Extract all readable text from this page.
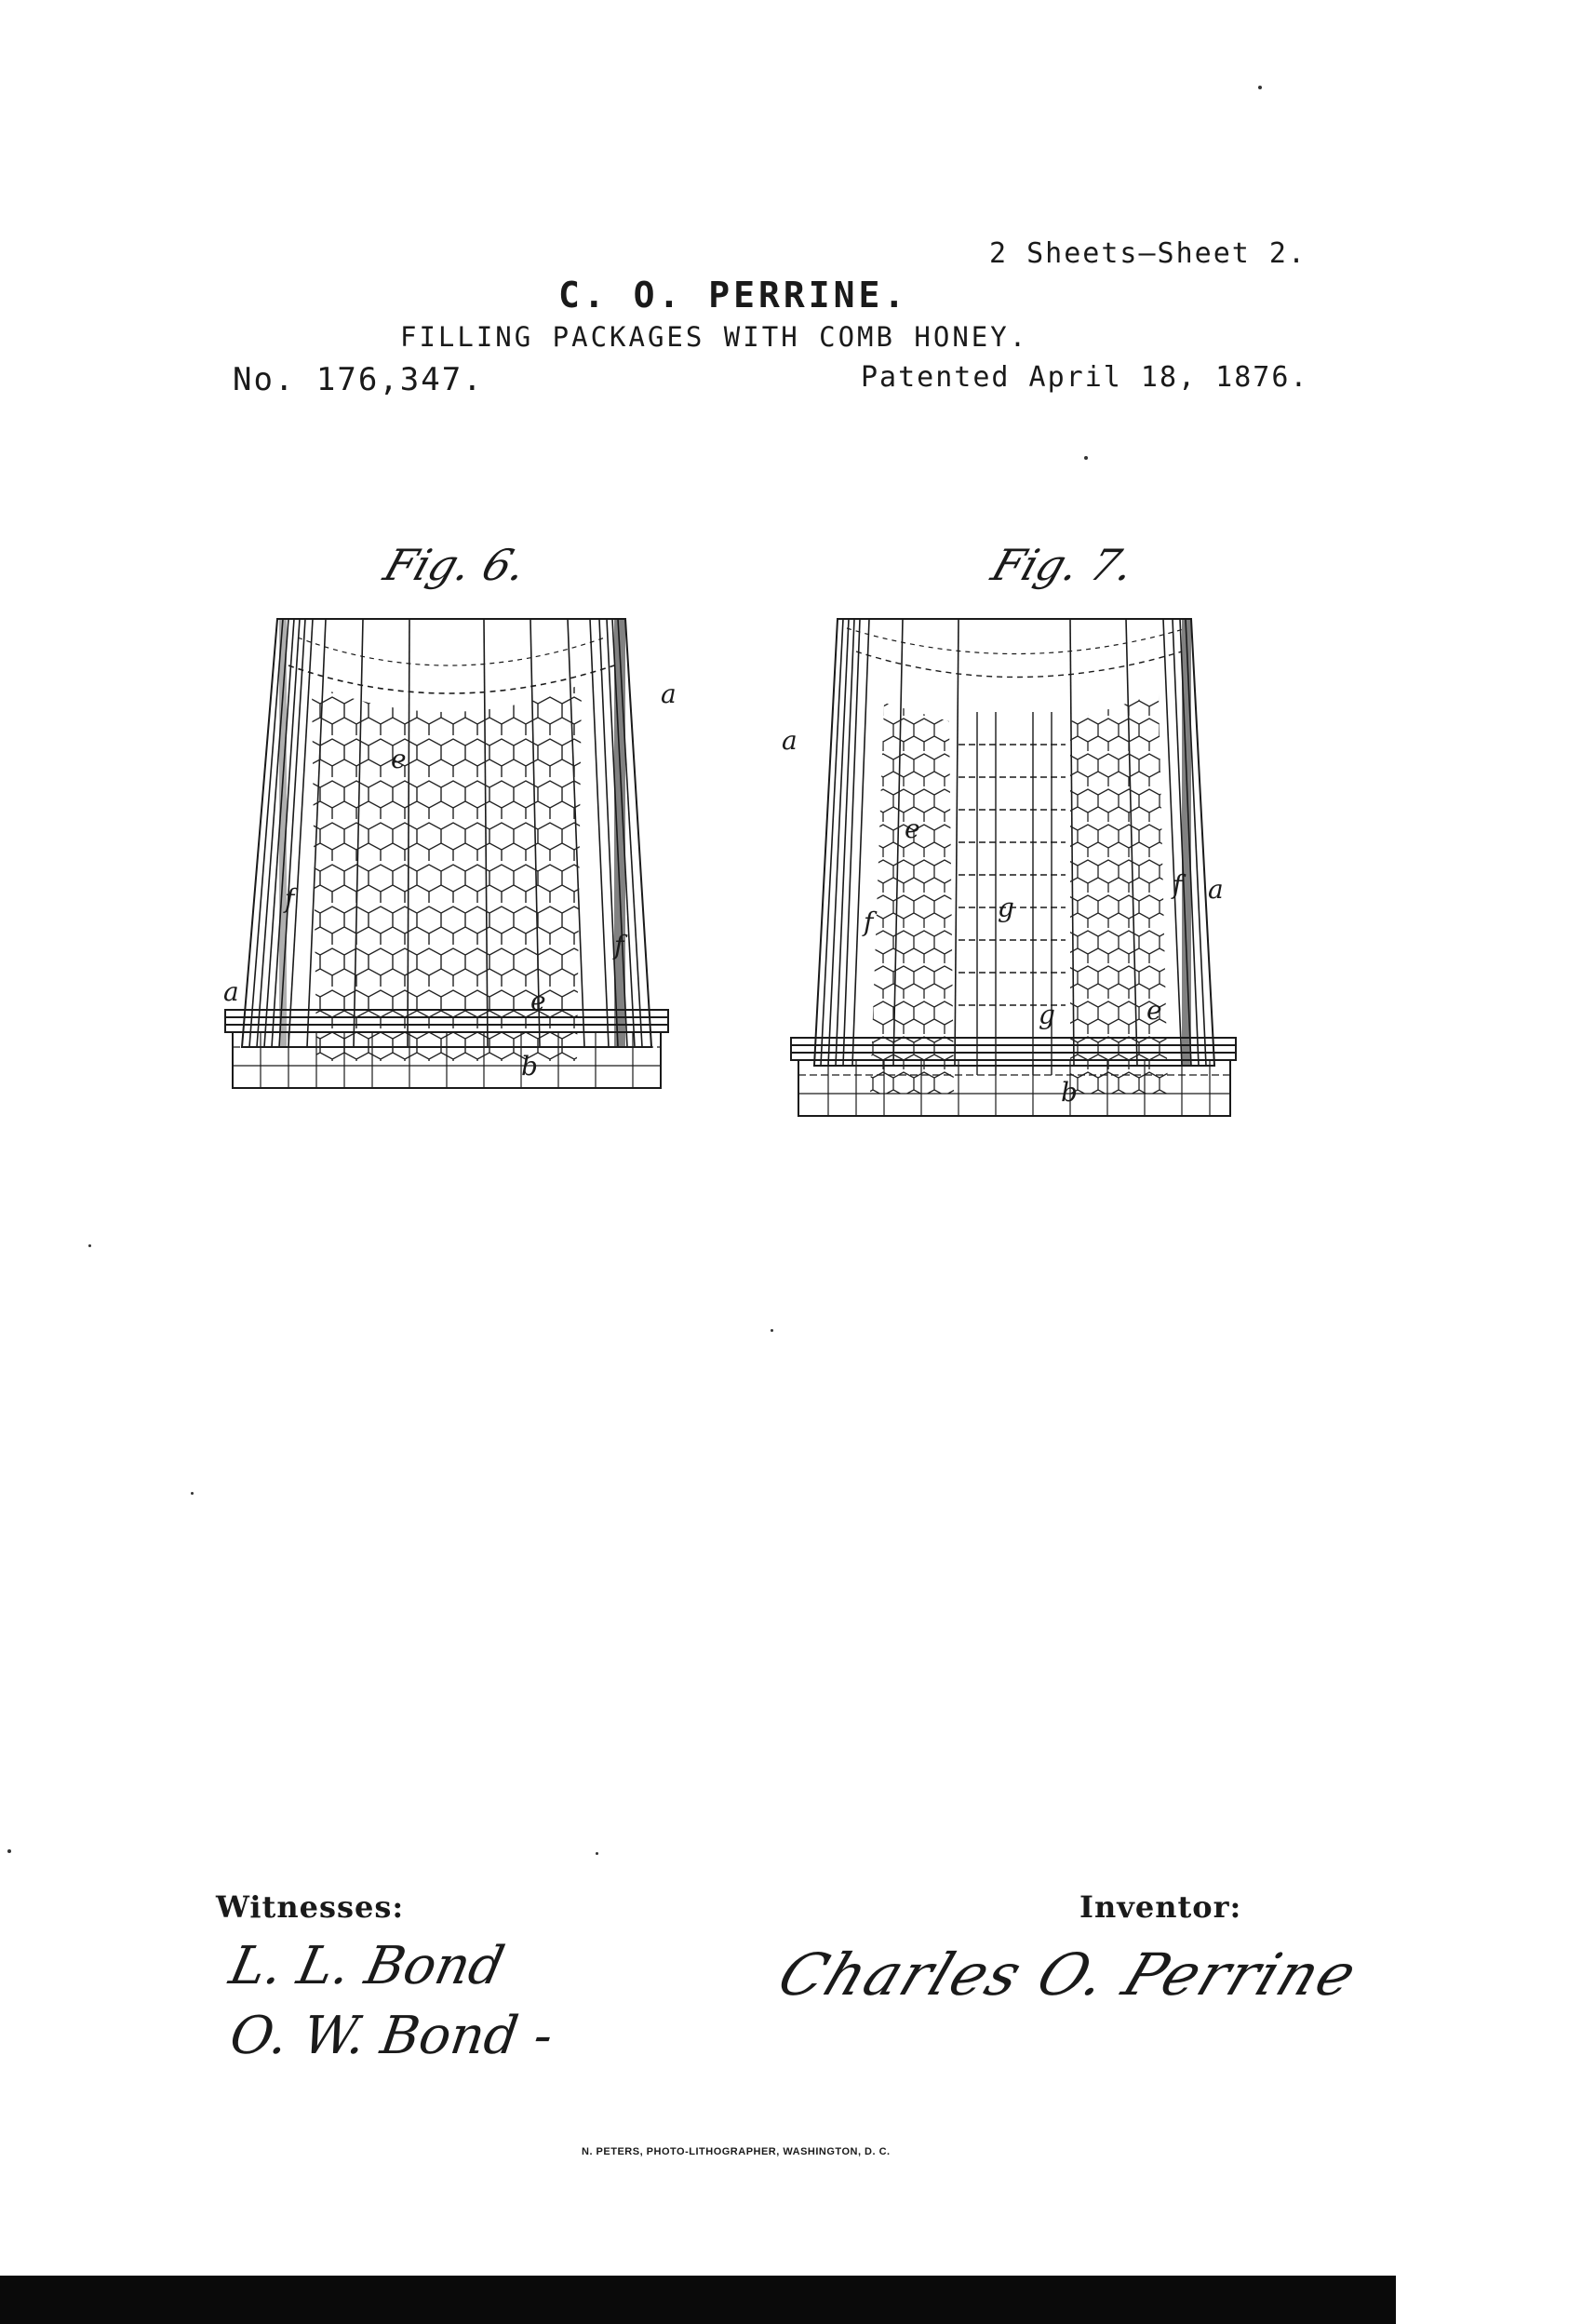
2 Sheets—Sheet 2.
C. O. PERRINE.
FILLING PACKAGES WITH COMB HONEY.
No. 176,347.	Patented April 18, 1876.
Fig. 6.	Fig. 7.
a
a
e
e
f
f
b
a
a
e
e
f
f
g
g
b
Witnesses:	Inventor:
L. L. Bond
O. W. Bond -
Charles O. Perrine
N. PETERS, PHOTO-LITHOGRAPHER, WASHINGTON, D. C.
